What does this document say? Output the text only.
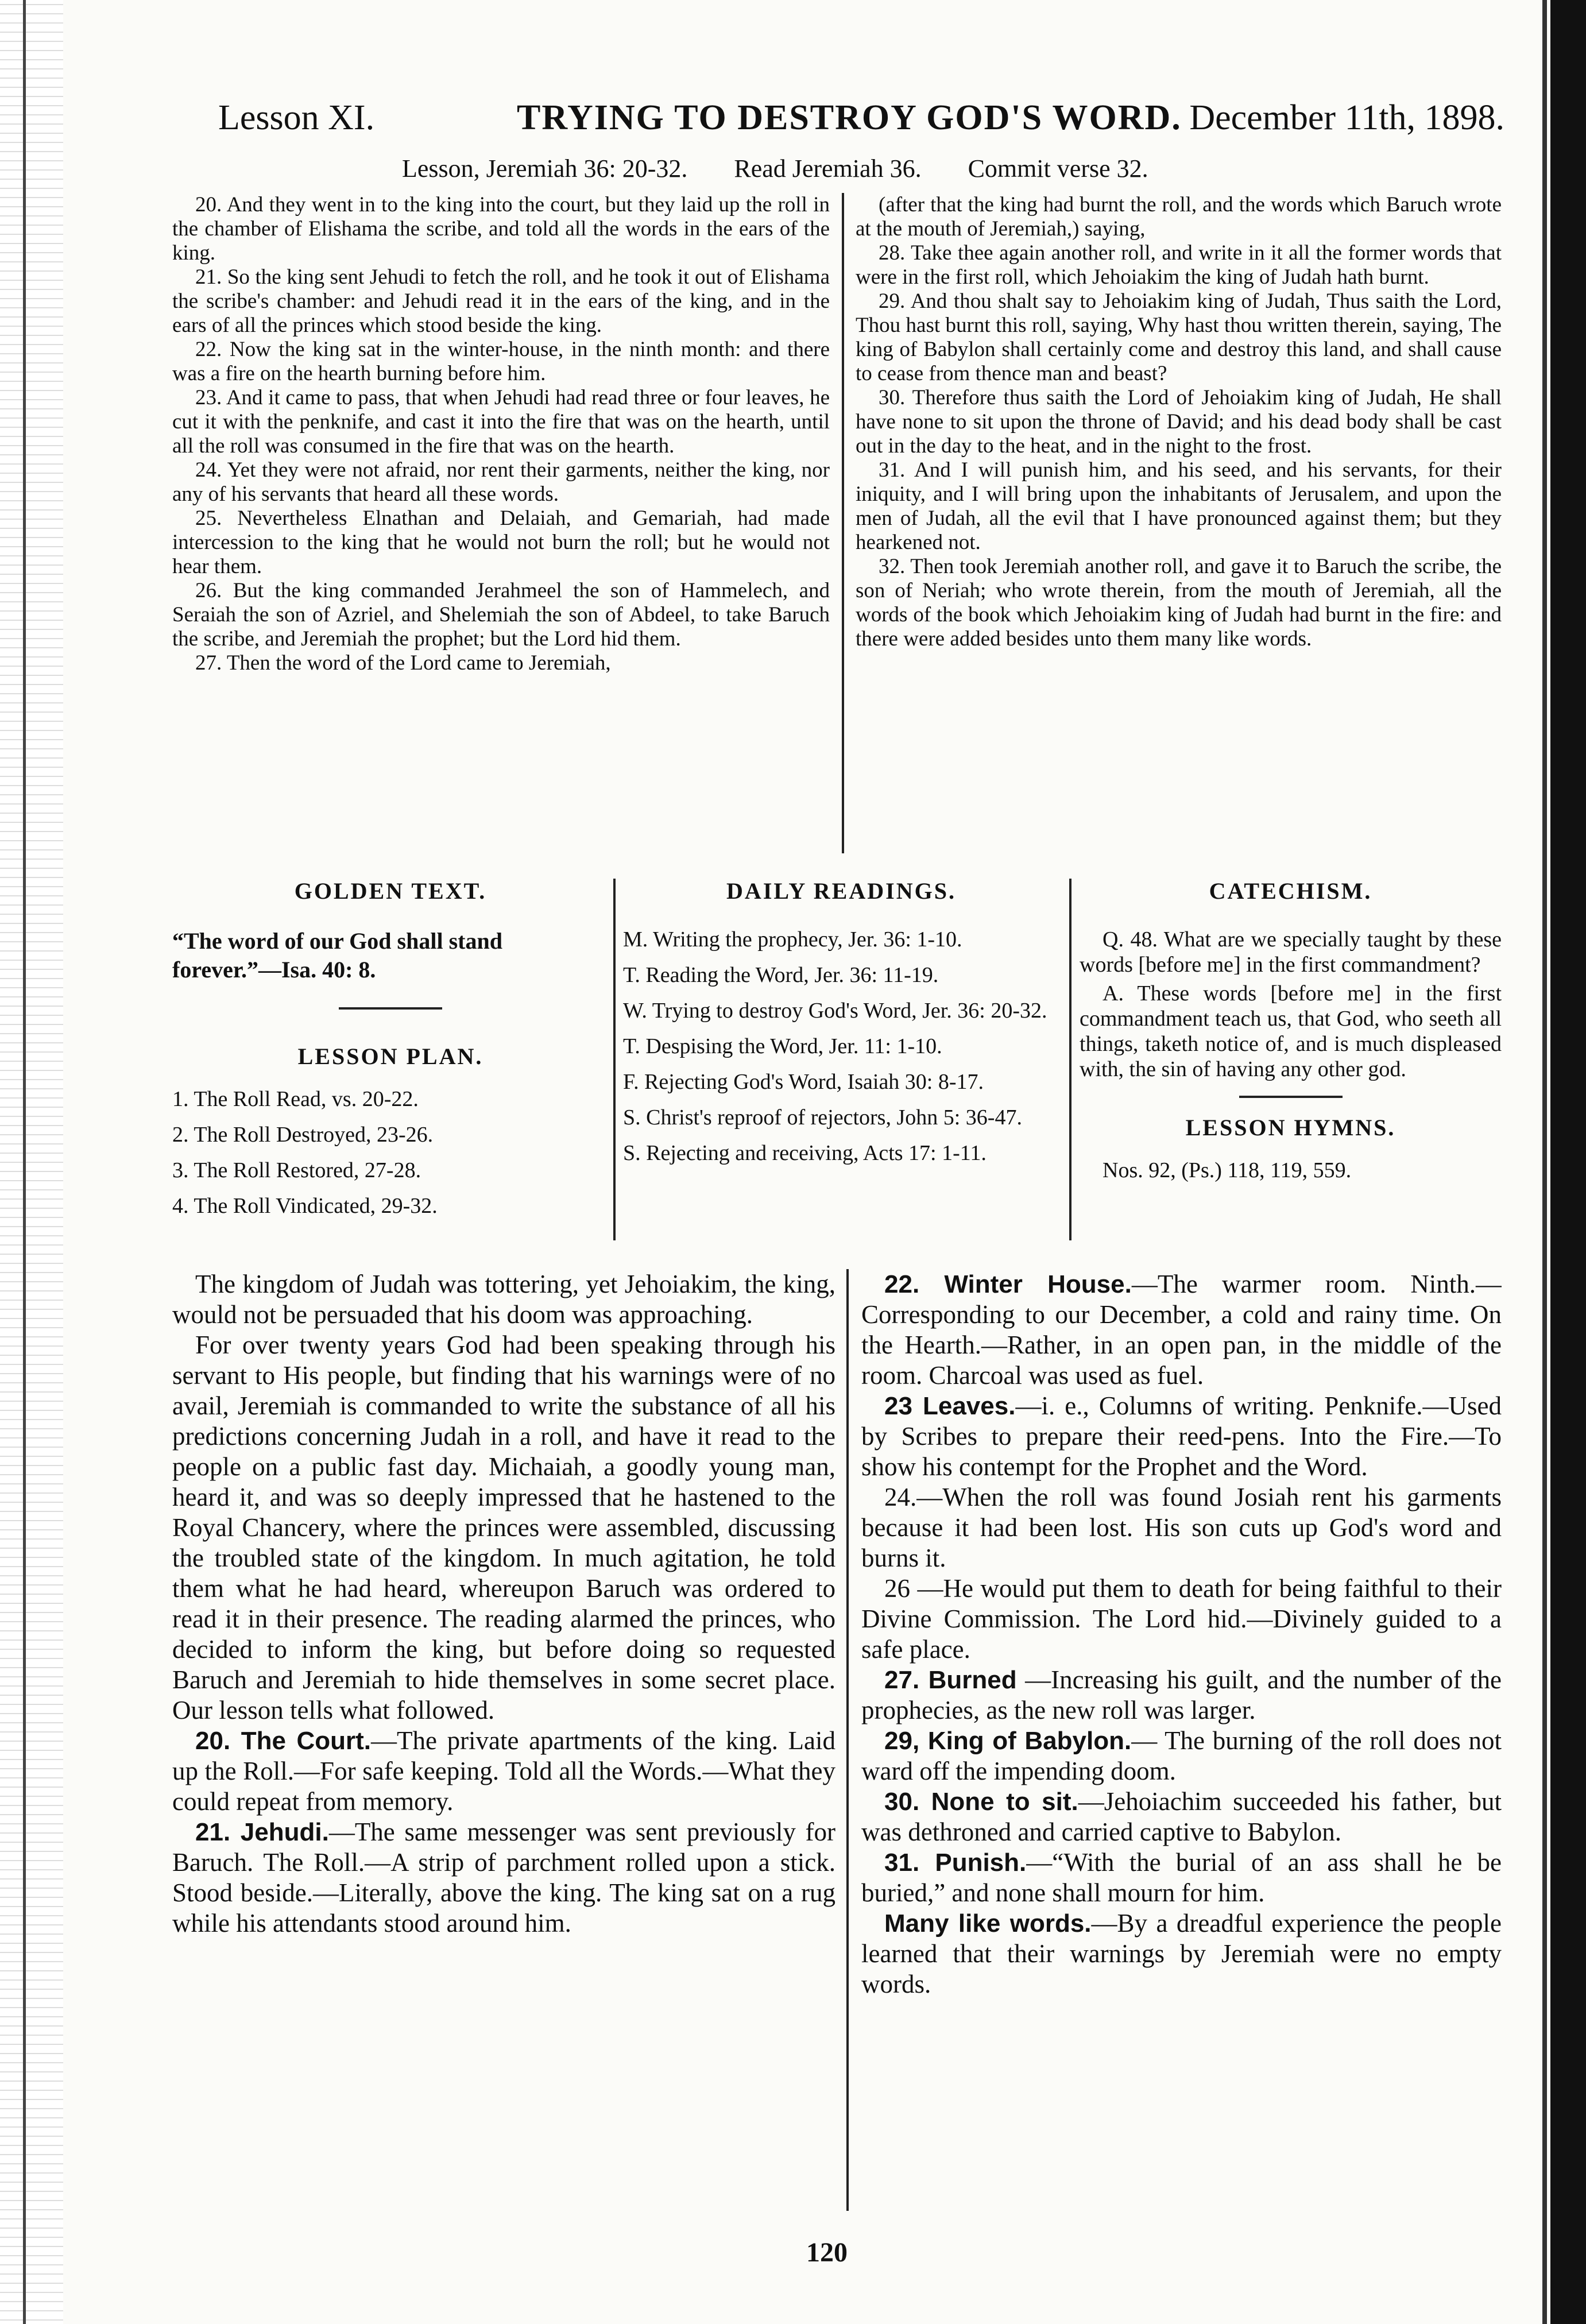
Lesson XI.	TRYING TO DESTROY GOD'S WORD. December 11th, 1898.
Lesson, Jeremiah 36: 20-32. Read Jeremiah 36. Commit verse 32.

20. And they went in to the king into the court, but they laid up the roll in the chamber of Elishama the scribe, and told all the words in the ears of the king.

21. So the king sent Jehudi to fetch the roll, and he took it out of Elishama the scribe's chamber: and Jehudi read it in the ears of the king, and in the ears of all the princes which stood beside the king.

22. Now the king sat in the winter-house, in the ninth month: and there was a fire on the hearth burning before him.

23. And it came to pass, that when Jehudi had read three or four leaves, he cut it with the penknife, and cast it into the fire that was on the hearth, until all the roll was consumed in the fire that was on the hearth.

24. Yet they were not afraid, nor rent their garments, neither the king, nor any of his servants that heard all these words.

25. Nevertheless Elnathan and Delaiah, and Gemariah, had made intercession to the king that he would not burn the roll; but he would not hear them.

26. But the king commanded Jerahmeel the son of Hammelech, and Seraiah the son of Azriel, and Shelemiah the son of Abdeel, to take Baruch the scribe, and Jeremiah the prophet; but the Lord hid them.

27. Then the word of the Lord came to Jeremiah,

(after that the king had burnt the roll, and the words which Baruch wrote at the mouth of Jeremiah,) saying,

28. Take thee again another roll, and write in it all the former words that were in the first roll, which Jehoiakim the king of Judah hath burnt.

29. And thou shalt say to Jehoiakim king of Judah, Thus saith the Lord, Thou hast burnt this roll, saying, Why hast thou written therein, saying, The king of Babylon shall certainly come and destroy this land, and shall cause to cease from thence man and beast?

30. Therefore thus saith the Lord of Jehoiakim king of Judah, He shall have none to sit upon the throne of David; and his dead body shall be cast out in the day to the heat, and in the night to the frost.

31. And I will punish him, and his seed, and his servants, for their iniquity, and I will bring upon the inhabitants of Jerusalem, and upon the men of Judah, all the evil that I have pronounced against them; but they hearkened not.

32. Then took Jeremiah another roll, and gave it to Baruch the scribe, the son of Neriah; who wrote therein, from the mouth of Jeremiah, all the words of the book which Jehoiakim king of Judah had burnt in the fire: and there were added besides unto them many like words.

GOLDEN TEXT.

“The word of our God shall stand forever.”—Isa. 40: 8.

LESSON PLAN.

1. The Roll Read, vs. 20-22.

2. The Roll Destroyed, 23-26.

3. The Roll Restored, 27-28.

4. The Roll Vindicated, 29-32.

DAILY READINGS.

M. Writing the prophecy, Jer. 36: 1-10.

T. Reading the Word, Jer. 36: 11-19.

W. Trying to destroy God's Word, Jer. 36: 20-32.

T. Despising the Word, Jer. 11: 1-10.

F. Rejecting God's Word, Isaiah 30: 8-17.

S. Christ's reproof of rejectors, John 5: 36-47.

S. Rejecting and receiving, Acts 17: 1-11.

CATECHISM.

Q. 48. What are we specially taught by these words [before me] in the first commandment?

A. These words [before me] in the first commandment teach us, that God, who seeth all things, taketh notice of, and is much displeased with, the sin of having any other god.

LESSON HYMNS.

Nos. 92, (Ps.) 118, 119, 559.

The kingdom of Judah was tottering, yet Jehoiakim, the king, would not be persuaded that his doom was approaching.

For over twenty years God had been speaking through his servant to His people, but finding that his warnings were of no avail, Jeremiah is commanded to write the substance of all his predictions concerning Judah in a roll, and have it read to the people on a public fast day. Michaiah, a goodly young man, heard it, and was so deeply impressed that he hastened to the Royal Chancery, where the princes were assembled, discussing the troubled state of the kingdom. In much agitation, he told them what he had heard, whereupon Baruch was ordered to read it in their presence. The reading alarmed the princes, who decided to inform the king, but before doing so requested Baruch and Jeremiah to hide themselves in some secret place. Our lesson tells what followed.

20. The Court.—The private apartments of the king. Laid up the Roll.—For safe keeping. Told all the Words.—What they could repeat from memory.

21. Jehudi.—The same messenger was sent previously for Baruch. The Roll.—A strip of parchment rolled upon a stick. Stood beside.—Literally, above the king. The king sat on a rug while his attendants stood around him.

22. Winter House.—The warmer room. Ninth.—Corresponding to our December, a cold and rainy time. On the Hearth.—Rather, in an open pan, in the middle of the room. Charcoal was used as fuel.

23 Leaves.—i. e., Columns of writing. Penknife.—Used by Scribes to prepare their reed-pens. Into the Fire.—To show his contempt for the Prophet and the Word.

24.—When the roll was found Josiah rent his garments because it had been lost. His son cuts up God's word and burns it.

26 —He would put them to death for being faithful to their Divine Commission. The Lord hid.—Divinely guided to a safe place.

27. Burned —Increasing his guilt, and the number of the prophecies, as the new roll was larger.

29, King of Babylon.— The burning of the roll does not ward off the impending doom.

30. None to sit.—Jehoiachim succeeded his father, but was dethroned and carried captive to Babylon.

31. Punish.—“With the burial of an ass shall he be buried,” and none shall mourn for him.

Many like words.—By a dreadful experience the people learned that their warnings by Jeremiah were no empty words.

120
